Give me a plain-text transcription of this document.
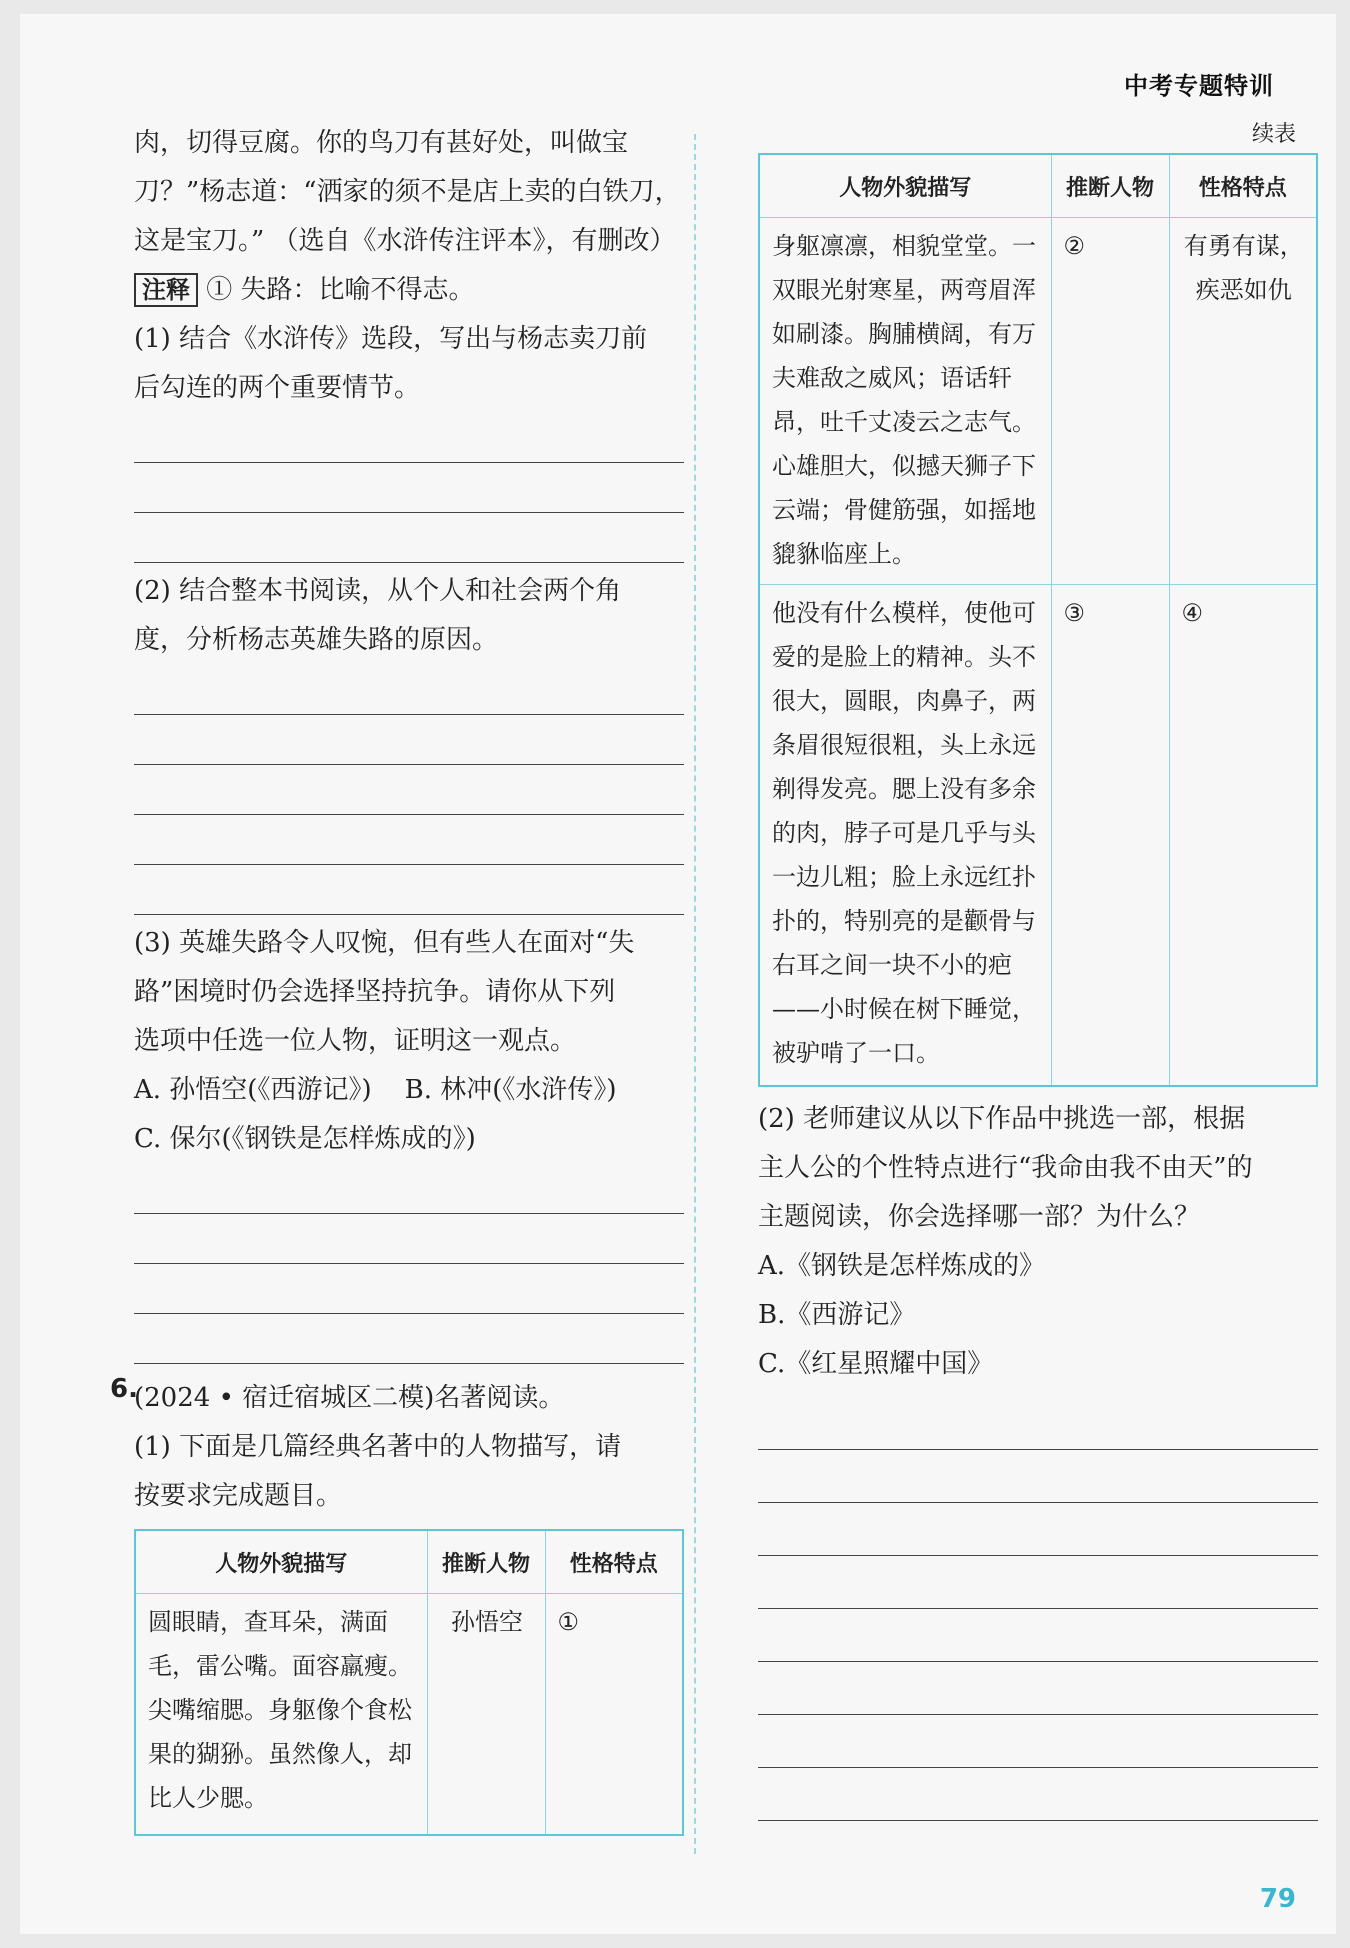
中考专题特训

肉，切得豆腐。你的鸟刀有甚好处，叫做宝

刀？”杨志道：“洒家的须不是店上卖的白铁刀，

这是宝刀。” （选自《水浒传注评本》，有删改）

注释 ① 失路：比喻不得志。

(1) 结合《水浒传》选段，写出与杨志卖刀前

后勾连的两个重要情节。

(2) 结合整本书阅读，从个人和社会两个角

度，分析杨志英雄失路的原因。

(3) 英雄失路令人叹惋，但有些人在面对“失

路”困境时仍会选择坚持抗争。请你从下列

选项中任选一位人物，证明这一观点。

A. 孙悟空(《西游记》)    B. 林冲(《水浒传》)

C. 保尔(《钢铁是怎样炼成的》)

6.

(2024 • 宿迁宿城区二模)名著阅读。

(1) 下面是几篇经典名著中的人物描写，请

按要求完成题目。

人物外貌描写	推断人物	性格特点
圆眼睛，查耳朵，满面毛，雷公嘴。面容羸瘦。尖嘴缩腮。身躯像个食松果的猢狲。虽然像人，却比人少腮。	孙悟空	①
续表
人物外貌描写	推断人物	性格特点
身躯凛凛，相貌堂堂。一双眼光射寒星，两弯眉浑如刷漆。胸脯横阔，有万夫难敌之威风；语话轩昂，吐千丈凌云之志气。心雄胆大，似撼天狮子下云端；骨健筋强，如摇地貔貅临座上。	②	有勇有谋，疾恶如仇
他没有什么模样，使他可爱的是脸上的精神。头不很大，圆眼，肉鼻子，两条眉很短很粗，头上永远剃得发亮。腮上没有多余的肉，脖子可是几乎与头一边儿粗；脸上永远红扑扑的，特别亮的是颧骨与右耳之间一块不小的疤——小时候在树下睡觉，被驴啃了一口。	③	④

(2) 老师建议从以下作品中挑选一部，根据

主人公的个性特点进行“我命由我不由天”的

主题阅读，你会选择哪一部？为什么？

A.《钢铁是怎样炼成的》

B.《西游记》

C.《红星照耀中国》

79
